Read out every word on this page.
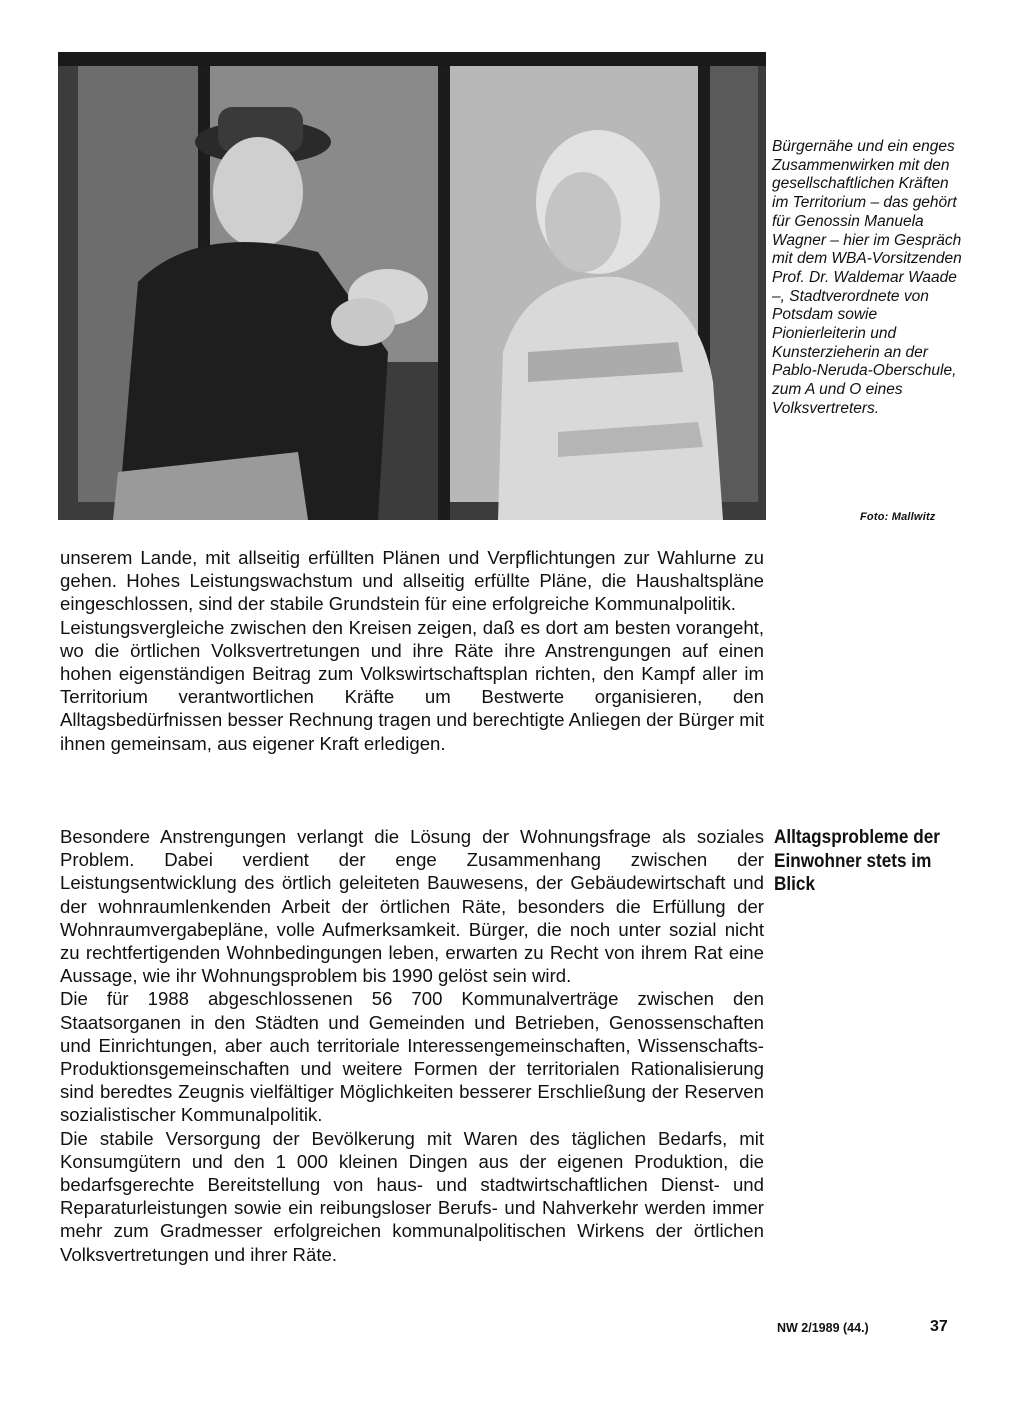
Bürgernähe und ein enges Zusammenwirken mit den gesellschaftlichen Kräften im Territorium – das gehört für Genossin Manuela Wagner – hier im Gespräch mit dem WBA-Vorsitzenden Prof. Dr. Waldemar Waade –, Stadtverordnete von Potsdam sowie Pionierleiterin und Kunsterzieherin an der Pablo-Neruda-Oberschule, zum A und O eines Volksvertreters.

Foto: Mallwitz

unserem Lande, mit allseitig erfüllten Plänen und Verpflichtungen zur Wahlurne zu gehen. Hohes Leistungswachstum und allseitig erfüllte Pläne, die Haushaltspläne eingeschlossen, sind der stabile Grundstein für eine erfolgreiche Kommunalpolitik.

Leistungsvergleiche zwischen den Kreisen zeigen, daß es dort am besten vorangeht, wo die örtlichen Volksvertretungen und ihre Räte ihre Anstrengungen auf einen hohen eigenständigen Beitrag zum Volkswirtschaftsplan richten, den Kampf aller im Territorium verantwortlichen Kräfte um Bestwerte organisieren, den Alltagsbedürfnissen besser Rechnung tragen und berechtigte Anliegen der Bürger mit ihnen gemeinsam, aus eigener Kraft erledigen.

Alltagsprobleme der Einwohner stets im Blick

Besondere Anstrengungen verlangt die Lösung der Wohnungsfrage als soziales Problem. Dabei verdient der enge Zusammenhang zwischen der Leistungsentwicklung des örtlich geleiteten Bauwesens, der Gebäudewirtschaft und der wohnraumlenkenden Arbeit der örtlichen Räte, besonders die Erfüllung der Wohnraumvergabepläne, volle Aufmerksamkeit. Bürger, die noch unter sozial nicht zu rechtfertigenden Wohnbedingungen leben, erwarten zu Recht von ihrem Rat eine Aussage, wie ihr Wohnungsproblem bis 1990 gelöst sein wird.

Die für 1988 abgeschlossenen 56 700 Kommunalverträge zwischen den Staatsorganen in den Städten und Gemeinden und Betrieben, Genossenschaften und Einrichtungen, aber auch territoriale Interessengemeinschaften, Wissenschafts-Produktionsgemeinschaften und weitere Formen der territorialen Rationalisierung sind beredtes Zeugnis vielfältiger Möglichkeiten besserer Erschließung der Reserven sozialistischer Kommunalpolitik.

Die stabile Versorgung der Bevölkerung mit Waren des täglichen Bedarfs, mit Konsumgütern und den 1 000 kleinen Dingen aus der eigenen Produktion, die bedarfsgerechte Bereitstellung von haus- und stadtwirtschaftlichen Dienst- und Reparaturleistungen sowie ein reibungsloser Berufs- und Nahverkehr werden immer mehr zum Gradmesser erfolgreichen kommunalpolitischen Wirkens der örtlichen Volksvertretungen und ihrer Räte.

NW 2/1989 (44.)	37
